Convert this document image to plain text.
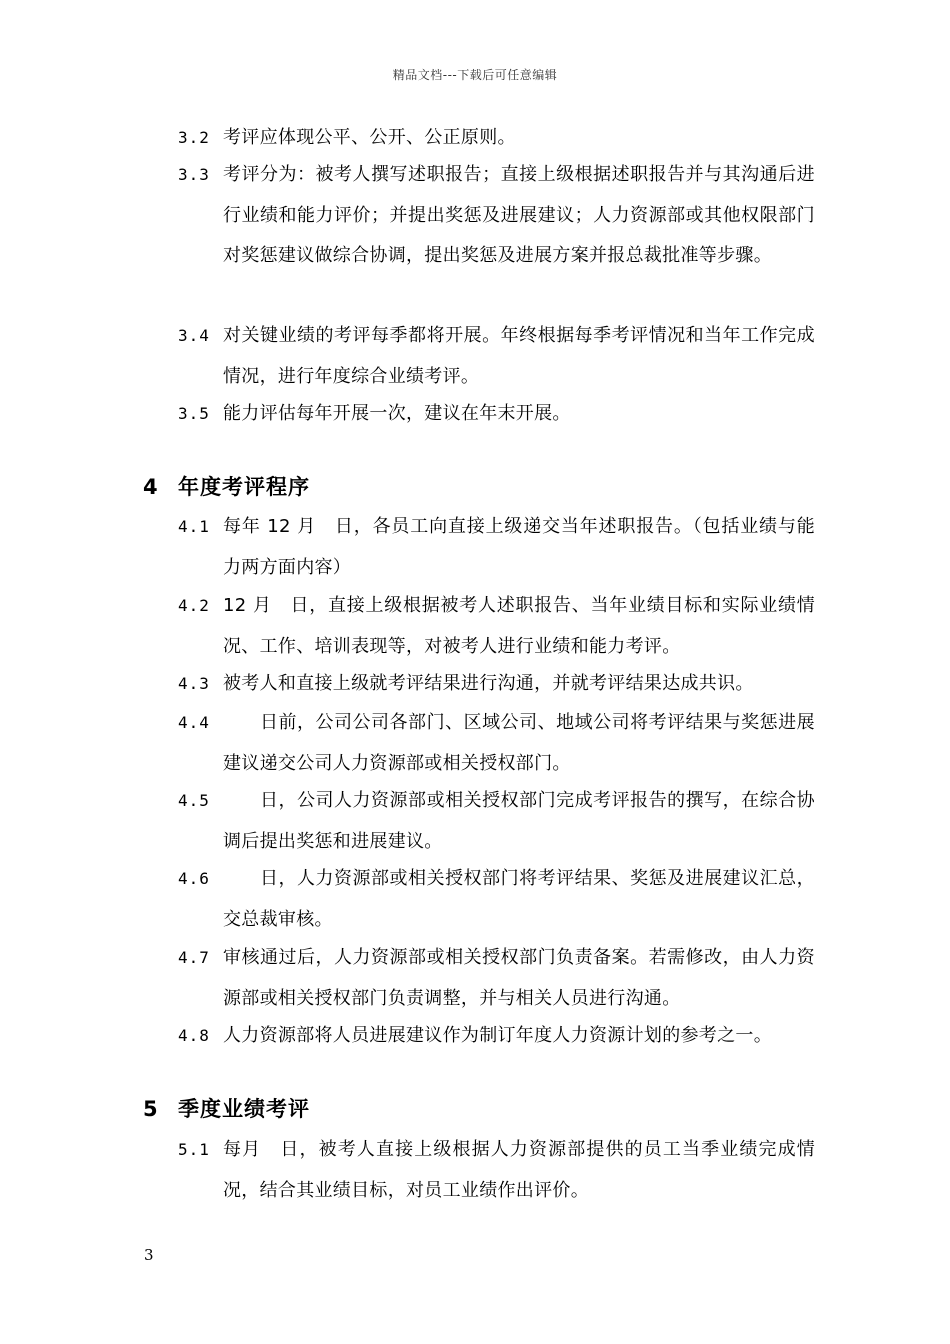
精品文档---下载后可任意编辑
3.2 考评应体现公平、公开、公正原则。
3.3 考评分为：被考人撰写述职报告；直接上级根据述职报告并与其沟通后进行业绩和能力评价；并提出奖惩及进展建议；人力资源部或其他权限部门对奖惩建议做综合协调，提出奖惩及进展方案并报总裁批准等步骤。
3.4 对关键业绩的考评每季都将开展。年终根据每季考评情况和当年工作完成情况，进行年度综合业绩考评。
3.5 能力评估每年开展一次，建议在年末开展。
4 年度考评程序
4.1 每年 12 月　日，各员工向直接上级递交当年述职报告。（包括业绩与能力两方面内容）
4.2 12 月　日，直接上级根据被考人述职报告、当年业绩目标和实际业绩情况、工作、培训表现等，对被考人进行业绩和能力考评。
4.3 被考人和直接上级就考评结果进行沟通，并就考评结果达成共识。
4.4 　　日前，公司公司各部门、区域公司、地域公司将考评结果与奖惩进展建议递交公司人力资源部或相关授权部门。
4.5 　　日，公司人力资源部或相关授权部门完成考评报告的撰写，在综合协调后提出奖惩和进展建议。
4.6 　　日，人力资源部或相关授权部门将考评结果、奖惩及进展建议汇总，交总裁审核。
4.7 审核通过后，人力资源部或相关授权部门负责备案。若需修改，由人力资源部或相关授权部门负责调整，并与相关人员进行沟通。
4.8 人力资源部将人员进展建议作为制订年度人力资源计划的参考之一。
5 季度业绩考评
5.1 每月　日，被考人直接上级根据人力资源部提供的员工当季业绩完成情况，结合其业绩目标，对员工业绩作出评价。
3
